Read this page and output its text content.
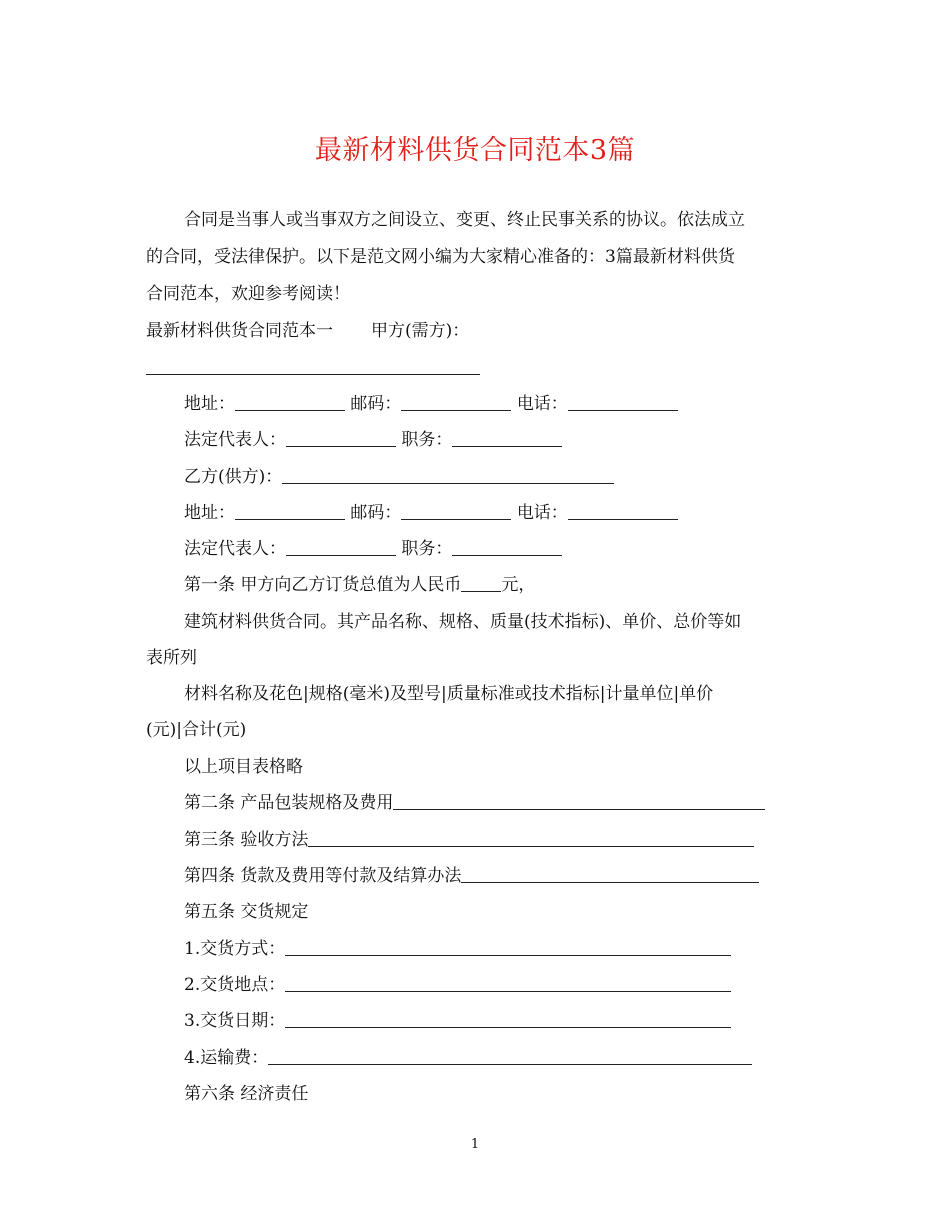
最新材料供货合同范本3篇
合同是当事人或当事双方之间设立、变更、终止民事关系的协议。依法成立
的合同，受法律保护。以下是范文网小编为大家精心准备的：3篇最新材料供货
合同范本，欢迎参考阅读！
最新材料供货合同范本一 甲方(需方)：
地址：	邮码：	电话：
法定代表人：	职务：
乙方(供方)：
地址：	邮码：	电话：
法定代表人：	职务：
第一条 甲方向乙方订货总值为人民币 元，
建筑材料供货合同。其产品名称、规格、质量(技术指标)、单价、总价等如
表所列
材料名称及花色|规格(毫米)及型号|质量标准或技术指标|计量单位|单价
(元)|合计(元)
以上项目表格略
第二条 产品包装规格及费用
第三条 验收方法
第四条 货款及费用等付款及结算办法
第五条 交货规定
1.交货方式：
2.交货地点：
3.交货日期：
4.运输费：
第六条 经济责任
1
